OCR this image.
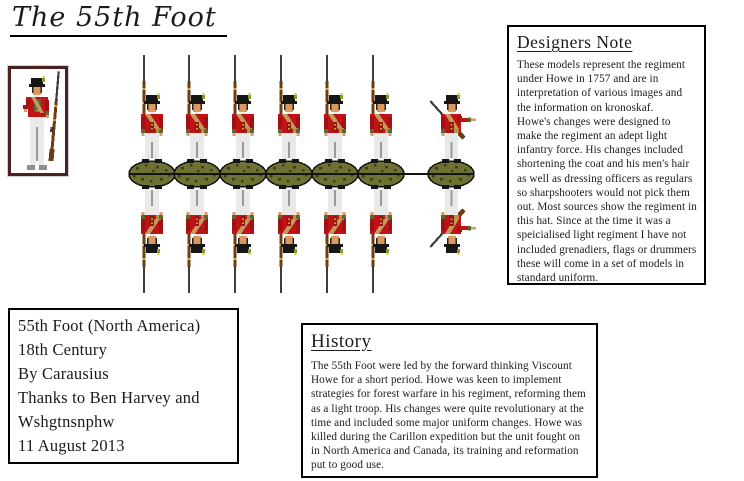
The 55th Foot
Designers Note
These models represent the regiment under Howe in 1757 and are in interpretation of various images and the information on kronoskaf.
Howe's changes were designed to make the regiment an adept light infantry force. His changes included shortening the coat and his men's hair as well as dressing officers as regulars so sharpshooters would not pick them out. Most sources show the regiment in this hat. Since at the time it was a speicialised light regiment I have not included grenadiers, flags or drummers these will come in a set of models in standard uniform.
History
The 55th Foot were led by the forward thinking Viscount Howe for a short period. Howe was keen to implement strategies for forest warfare in his regiment, reforming them as a light troop. His changes were quite revolutionary at the time and included some major uniform changes. Howe was killed during the Carillon expedition but the unit fought on in North America and Canada, its training and reformation put to good use.
55th Foot (North America)
18th Century
By Carausius
Thanks to Ben Harvey and Wshgtnsnphw
11 August 2013
